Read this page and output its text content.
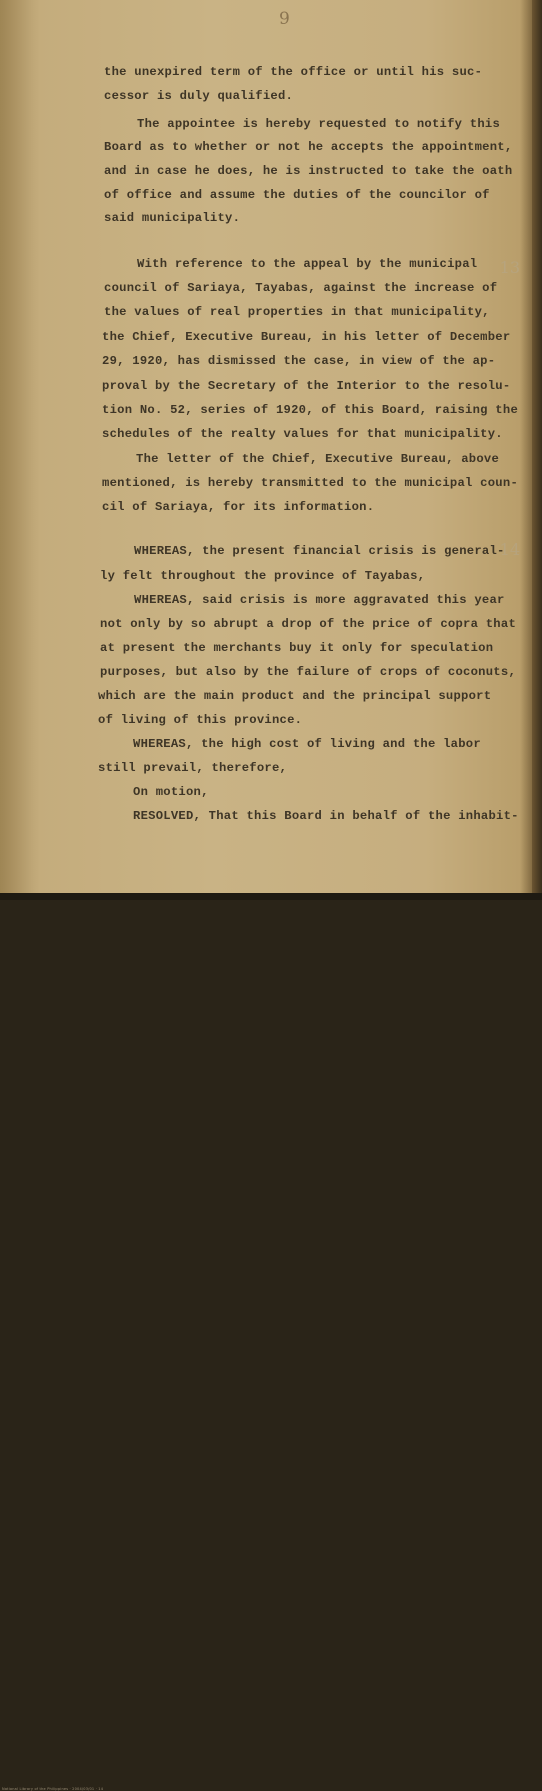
9
13
14
the unexpired term of the office or until his suc-
cessor is duly qualified.
The appointee is hereby requested to notify this
Board as to whether or not he accepts the appointment,
and in case he does, he is instructed to take the oath
of office and assume the duties of the councilor of
said municipality.
With reference to the appeal by the municipal
council of Sariaya, Tayabas, against the increase of
the values of real properties in that municipality,
the Chief, Executive Bureau, in his letter of December
29, 1920, has dismissed the case, in view of the ap-
proval by the Secretary of the Interior to the resolu-
tion No. 52, series of 1920, of this Board, raising the
schedules of the realty values for that municipality.
The letter of the Chief, Executive Bureau, above
mentioned, is hereby transmitted to the municipal coun-
cil of Sariaya, for its information.
WHEREAS, the present financial crisis is general-
ly felt throughout the province of Tayabas,
WHEREAS, said crisis is more aggravated this year
not only by so abrupt a drop of the price of copra that
at present the merchants buy it only for speculation
purposes, but also by the failure of crops of coconuts,
which are the main product and the principal support
of living of this province.
WHEREAS, the high cost of living and the labor
still prevail, therefore,
On motion,
RESOLVED, That this Board in behalf of the inhabit-
National Library of the Philippines · 2004/03/01 · 14
